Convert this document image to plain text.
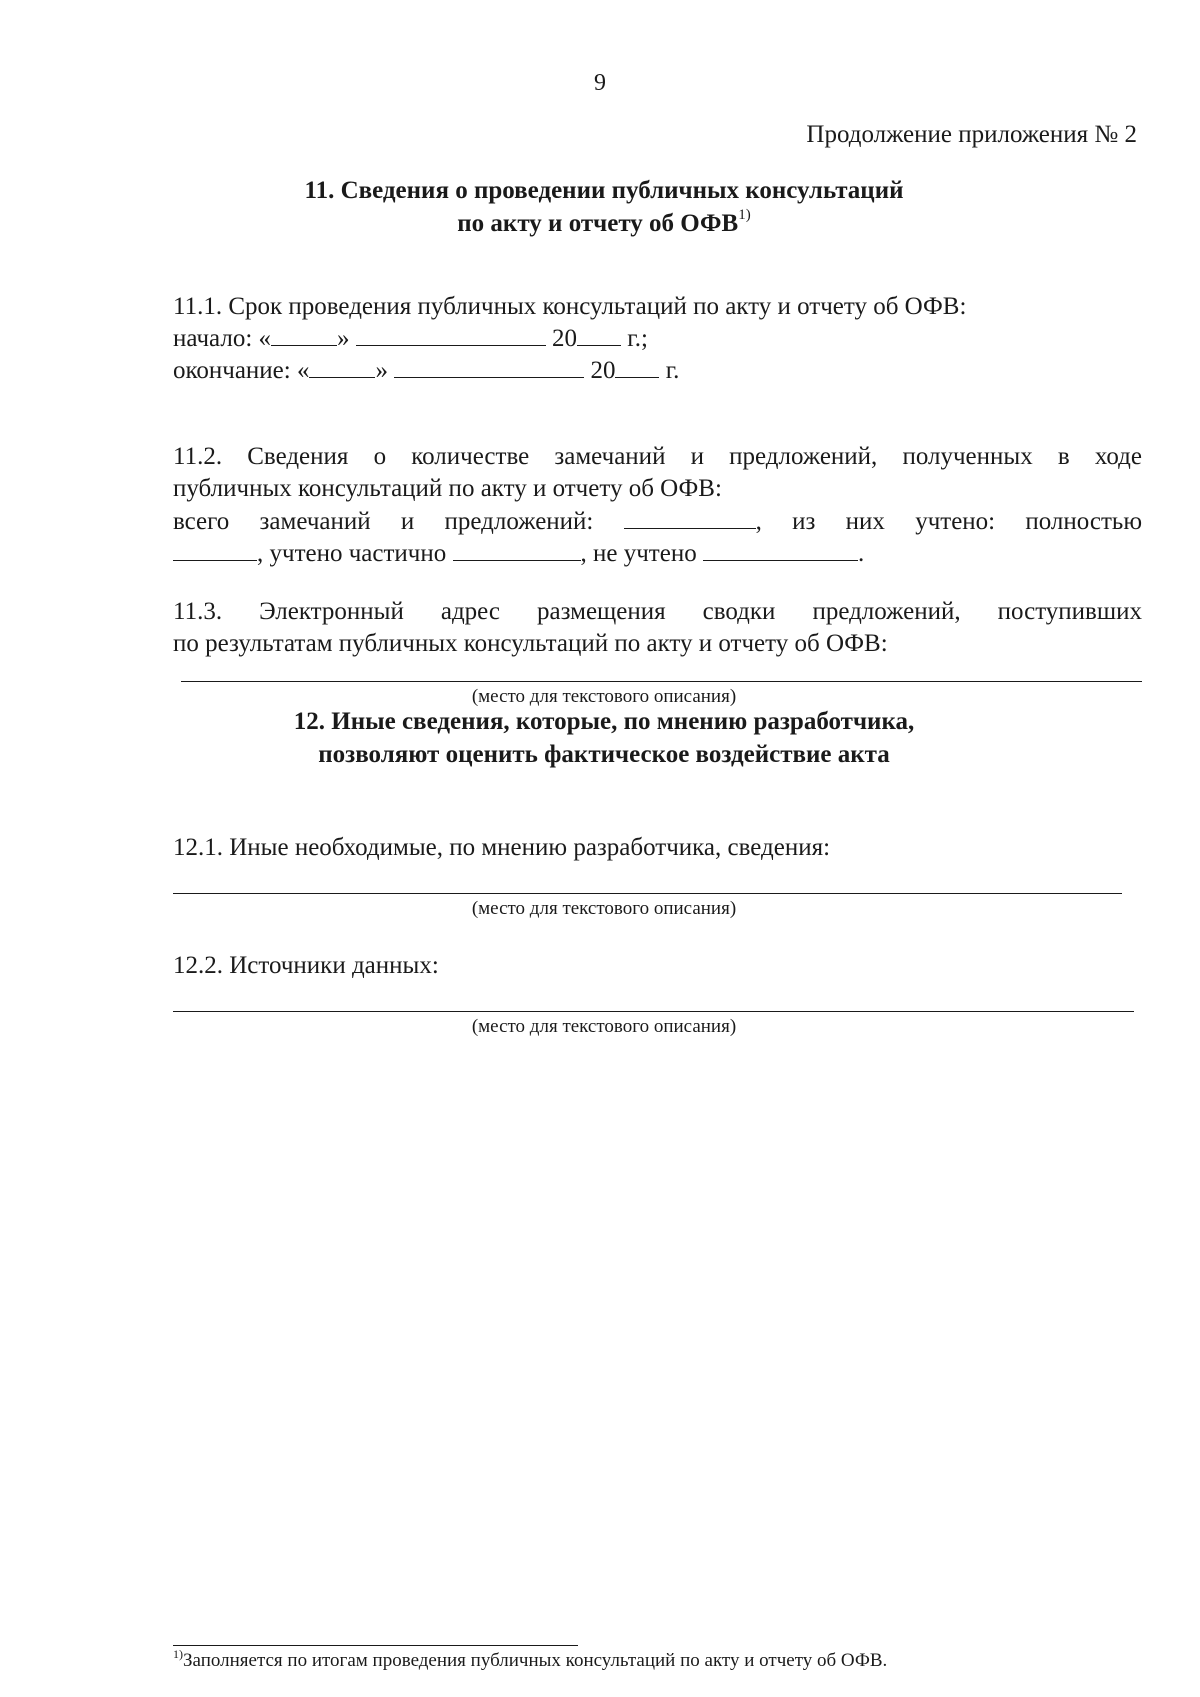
9
Продолжение приложения № 2
11. Сведения о проведении публичных консультаций
по акту и отчету об ОФВ$^{1)}$
11.1. Срок проведения публичных консультаций по акту и отчету об ОФВ:
начало: «	»	20 г.;
окончание: «	»	20 г.
11.2. Сведения о количестве замечаний и предложений, полученных в ходе
публичных консультаций по акту и отчету об ОФВ:
всего замечаний и предложений:	, из них учтено: полностью
, учтено частично	, не учтено	.
11.3. Электронный адрес размещения сводки предложений, поступивших
по результатам публичных консультаций по акту и отчету об ОФВ:
(место для текстового описания)
12. Иные сведения, которые, по мнению разработчика,
позволяют оценить фактическое воздействие акта
12.1. Иные необходимые, по мнению разработчика, сведения:
(место для текстового описания)
12.2. Источники данных:
(место для текстового описания)
$^{1)}$Заполняется по итогам проведения публичных консультаций по акту и отчету об ОФВ.
